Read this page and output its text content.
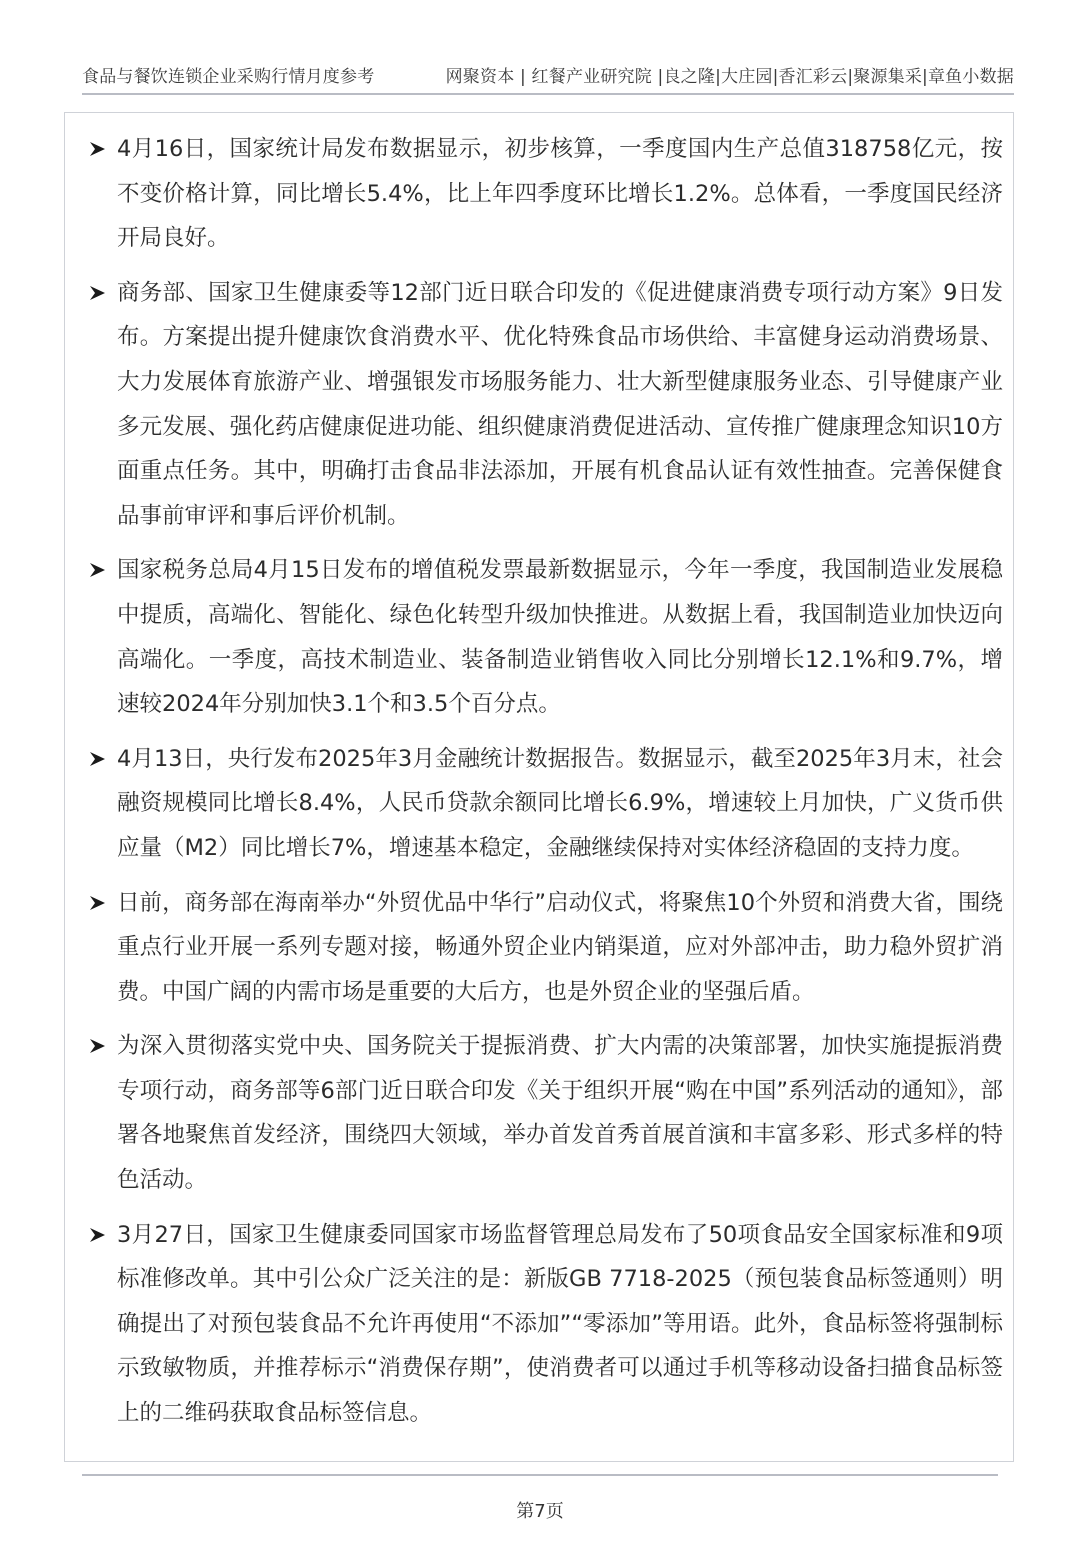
食品与餐饮连锁企业采购行情月度参考	网聚资本 | 红餐产业研究院 |良之隆|大庄园|香汇彩云|聚源集采|章鱼小数据
4月16日，国家统计局发布数据显示，初步核算，一季度国内生产总值318758亿元，按不变价格计算，同比增长5.4%，比上年四季度环比增长1.2%。总体看，一季度国民经济开局良好。
商务部、国家卫生健康委等12部门近日联合印发的《促进健康消费专项行动方案》9日发布。方案提出提升健康饮食消费水平、优化特殊食品市场供给、丰富健身运动消费场景、大力发展体育旅游产业、增强银发市场服务能力、壮大新型健康服务业态、引导健康产业多元发展、强化药店健康促进功能、组织健康消费促进活动、宣传推广健康理念知识10方面重点任务。其中，明确打击食品非法添加，开展有机食品认证有效性抽查。完善保健食品事前审评和事后评价机制。
国家税务总局4月15日发布的增值税发票最新数据显示，今年一季度，我国制造业发展稳中提质，高端化、智能化、绿色化转型升级加快推进。从数据上看，我国制造业加快迈向高端化。一季度，高技术制造业、装备制造业销售收入同比分别增长12.1%和9.7%，增速较2024年分别加快3.1个和3.5个百分点。
4月13日，央行发布2025年3月金融统计数据报告。数据显示，截至2025年3月末，社会融资规模同比增长8.4%，人民币贷款余额同比增长6.9%，增速较上月加快，广义货币供应量（M2）同比增长7%，增速基本稳定，金融继续保持对实体经济稳固的支持力度。
日前，商务部在海南举办“外贸优品中华行”启动仪式，将聚焦10个外贸和消费大省，围绕重点行业开展一系列专题对接，畅通外贸企业内销渠道，应对外部冲击，助力稳外贸扩消费。中国广阔的内需市场是重要的大后方，也是外贸企业的坚强后盾。
为深入贯彻落实党中央、国务院关于提振消费、扩大内需的决策部署，加快实施提振消费专项行动，商务部等6部门近日联合印发《关于组织开展“购在中国”系列活动的通知》，部署各地聚焦首发经济，围绕四大领域，举办首发首秀首展首演和丰富多彩、形式多样的特色活动。
3月27日，国家卫生健康委同国家市场监督管理总局发布了50项食品安全国家标准和9项标准修改单。其中引公众广泛关注的是：新版GB 7718-2025（预包装食品标签通则）明确提出了对预包装食品不允许再使用“不添加”“零添加”等用语。此外，食品标签将强制标示致敏物质，并推荐标示“消费保存期”，使消费者可以通过手机等移动设备扫描食品标签上的二维码获取食品标签信息。
第7页
